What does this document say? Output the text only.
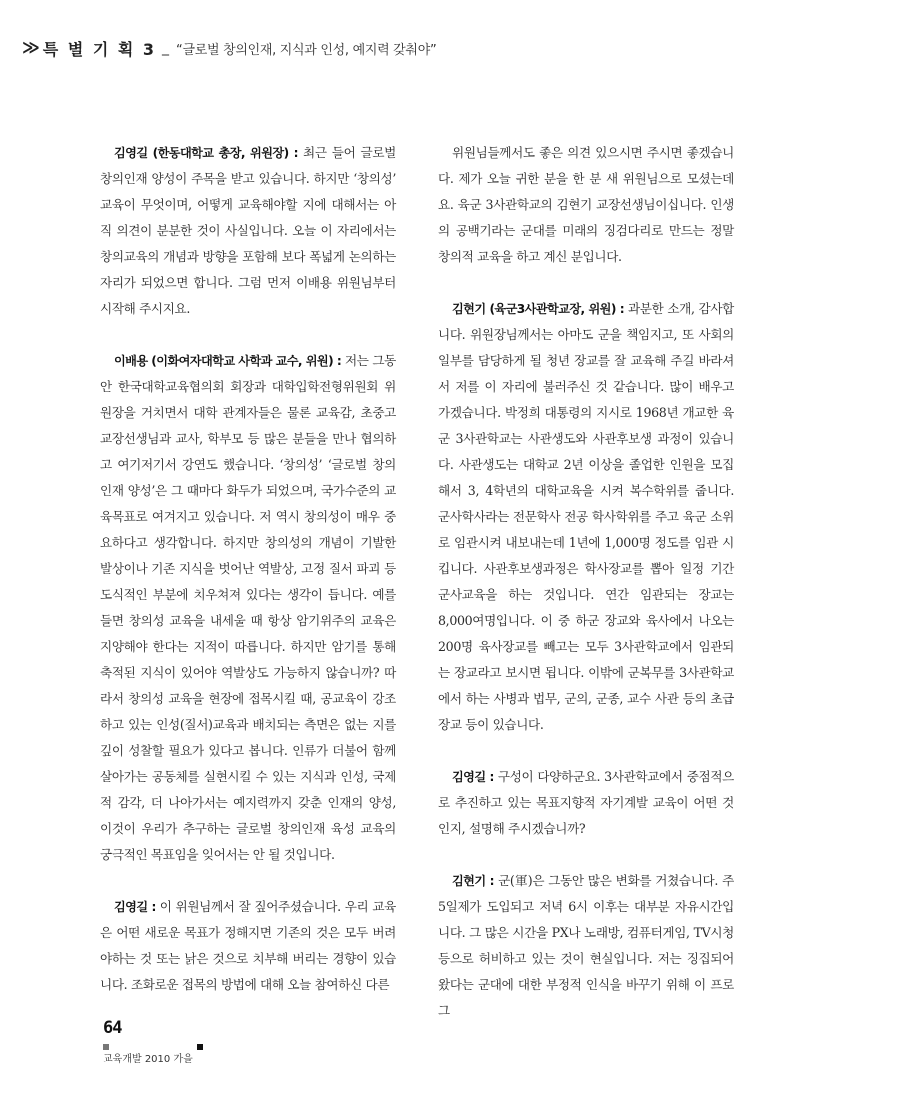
≫ 특 별 기 획 3 _ “글로벌 창의인재, 지식과 인성, 예지력 갖춰야”

김영길 (한동대학교 총장, 위원장) : 최근 들어 글로벌 창의인재 양성이 주목을 받고 있습니다. 하지만 ‘창의성’ 교육이 무엇이며, 어떻게 교육해야할 지에 대해서는 아직 의견이 분분한 것이 사실입니다. 오늘 이 자리에서는 창의교육의 개념과 방향을 포함해 보다 폭넓게 논의하는 자리가 되었으면 합니다. 그럼 먼저 이배용 위원님부터 시작해 주시지요.

이배용 (이화여자대학교 사학과 교수, 위원) : 저는 그동안 한국대학교육협의회 회장과 대학입학전형위원회 위원장을 거치면서 대학 관계자들은 물론 교육감, 초중고 교장선생님과 교사, 학부모 등 많은 분들을 만나 협의하고 여기저기서 강연도 했습니다. ‘창의성’ ‘글로벌 창의인재 양성’은 그 때마다 화두가 되었으며, 국가수준의 교육목표로 여겨지고 있습니다. 저 역시 창의성이 매우 중요하다고 생각합니다. 하지만 창의성의 개념이 기발한 발상이나 기존 지식을 벗어난 역발상, 고정 질서 파괴 등 도식적인 부분에 치우쳐져 있다는 생각이 듭니다. 예를 들면 창의성 교육을 내세울 때 항상 암기위주의 교육은 지양해야 한다는 지적이 따릅니다. 하지만 암기를 통해 축적된 지식이 있어야 역발상도 가능하지 않습니까? 따라서 창의성 교육을 현장에 접목시킬 때, 공교육이 강조하고 있는 인성(질서)교육과 배치되는 측면은 없는 지를 깊이 성찰할 필요가 있다고 봅니다. 인류가 더불어 함께 살아가는 공동체를 실현시킬 수 있는 지식과 인성, 국제적 감각, 더 나아가서는 예지력까지 갖춘 인재의 양성, 이것이 우리가 추구하는 글로벌 창의인재 육성 교육의 궁극적인 목표임을 잊어서는 안 될 것입니다.

김영길 : 이 위원님께서 잘 짚어주셨습니다. 우리 교육은 어떤 새로운 목표가 정해지면 기존의 것은 모두 버려야하는 것 또는 낡은 것으로 치부해 버리는 경향이 있습니다. 조화로운 접목의 방법에 대해 오늘 참여하신 다른

위원님들께서도 좋은 의견 있으시면 주시면 좋겠습니다. 제가 오늘 귀한 분을 한 분 새 위원님으로 모셨는데요. 육군 3사관학교의 김현기 교장선생님이십니다. 인생의 공백기라는 군대를 미래의 징검다리로 만드는 정말 창의적 교육을 하고 계신 분입니다.

김현기 (육군3사관학교장, 위원) : 과분한 소개, 감사합니다. 위원장님께서는 아마도 군을 책임지고, 또 사회의 일부를 담당하게 될 청년 장교를 잘 교육해 주길 바라셔서 저를 이 자리에 불러주신 것 같습니다. 많이 배우고 가겠습니다. 박정희 대통령의 지시로 1968년 개교한 육군 3사관학교는 사관생도와 사관후보생 과정이 있습니다. 사관생도는 대학교 2년 이상을 졸업한 인원을 모집해서 3, 4학년의 대학교육을 시켜 복수학위를 줍니다. 군사학사라는 전문학사 전공 학사학위를 주고 육군 소위로 임관시켜 내보내는데 1년에 1,000명 정도를 임관 시킵니다. 사관후보생과정은 학사장교를 뽑아 일정 기간 군사교육을 하는 것입니다. 연간 임관되는 장교는 8,000여명입니다. 이 중 하군 장교와 육사에서 나오는 200명 육사장교를 빼고는 모두 3사관학교에서 임관되는 장교라고 보시면 됩니다. 이밖에 군복무를 3사관학교에서 하는 사병과 법무, 군의, 군종, 교수 사관 등의 초급 장교 등이 있습니다.

김영길 : 구성이 다양하군요. 3사관학교에서 중점적으로 추진하고 있는 목표지향적 자기계발 교육이 어떤 것인지, 설명해 주시겠습니까?

김현기 : 군(軍)은 그동안 많은 변화를 거쳤습니다. 주 5일제가 도입되고 저녁 6시 이후는 대부분 자유시간입니다. 그 많은 시간을 PX나 노래방, 컴퓨터게임, TV시청 등으로 허비하고 있는 것이 현실입니다. 저는 징집되어 왔다는 군대에 대한 부정적 인식을 바꾸기 위해 이 프로그

64
교육개발 2010 가을
